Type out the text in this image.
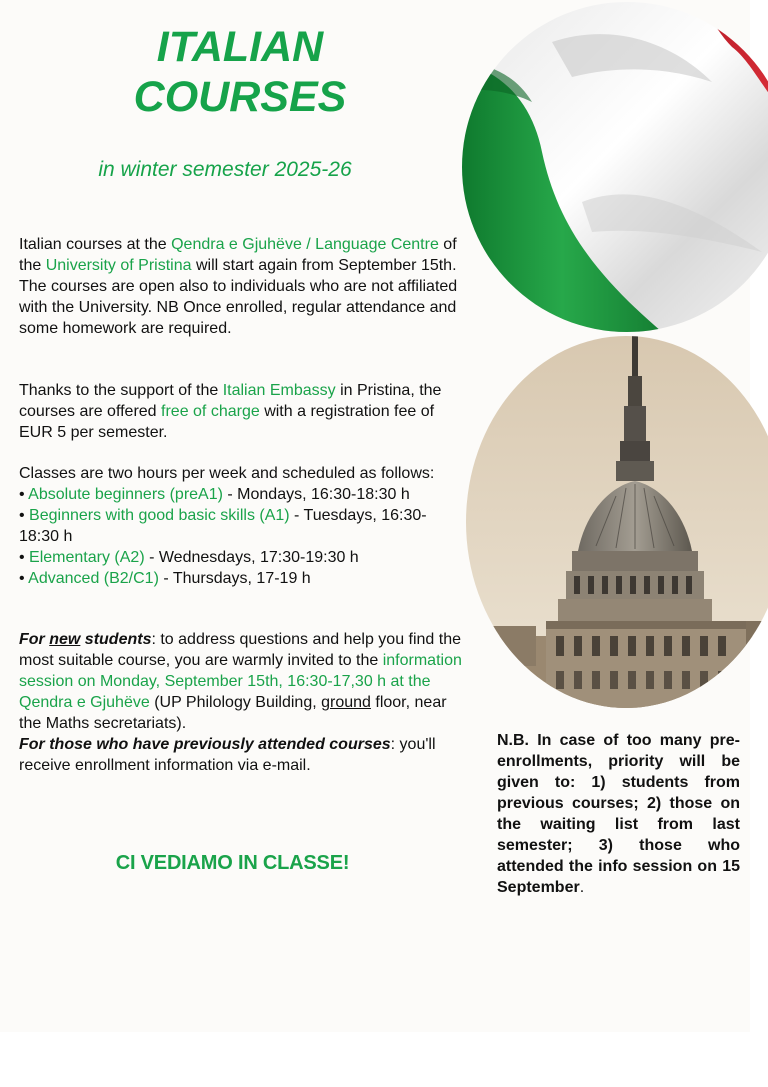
ITALIAN
COURSES
in winter semester 2025-26
Italian courses at the Qendra e Gjuhëve / Language Centre of the University of Pristina will start again from September 15th. The courses are open also to individuals who are not affiliated with the University. NB Once enrolled, regular attendance and some homework are required.
Thanks to the support of the Italian Embassy in Pristina, the courses are offered free of charge with a registration fee of EUR 5 per semester.

Classes are two hours per week and scheduled as follows:

• Absolute beginners (preA1) - Mondays, 16:30-18:30 h

• Beginners with good basic skills (A1) - Tuesdays, 16:30-18:30 h

• Elementary (A2) - Wednesdays, 17:30-19:30 h

• Advanced (B2/C1) - Thursdays, 17-19 h

For new students: to address questions and help you find the most suitable course, you are warmly invited to the information session on Monday, September 15th, 16:30-17,30 h at the Qendra e Gjuhëve (UP Philology Building, ground floor, near the Maths secretariats).
For those who have previously attended courses: you'll receive enrollment information via e-mail.
CI VEDIAMO IN CLASSE!
N.B. In case of too many pre-enrollments, priority will be given to: 1) students from previous courses; 2) those on the waiting list from last semester; 3) those who attended the info session on 15 September.
